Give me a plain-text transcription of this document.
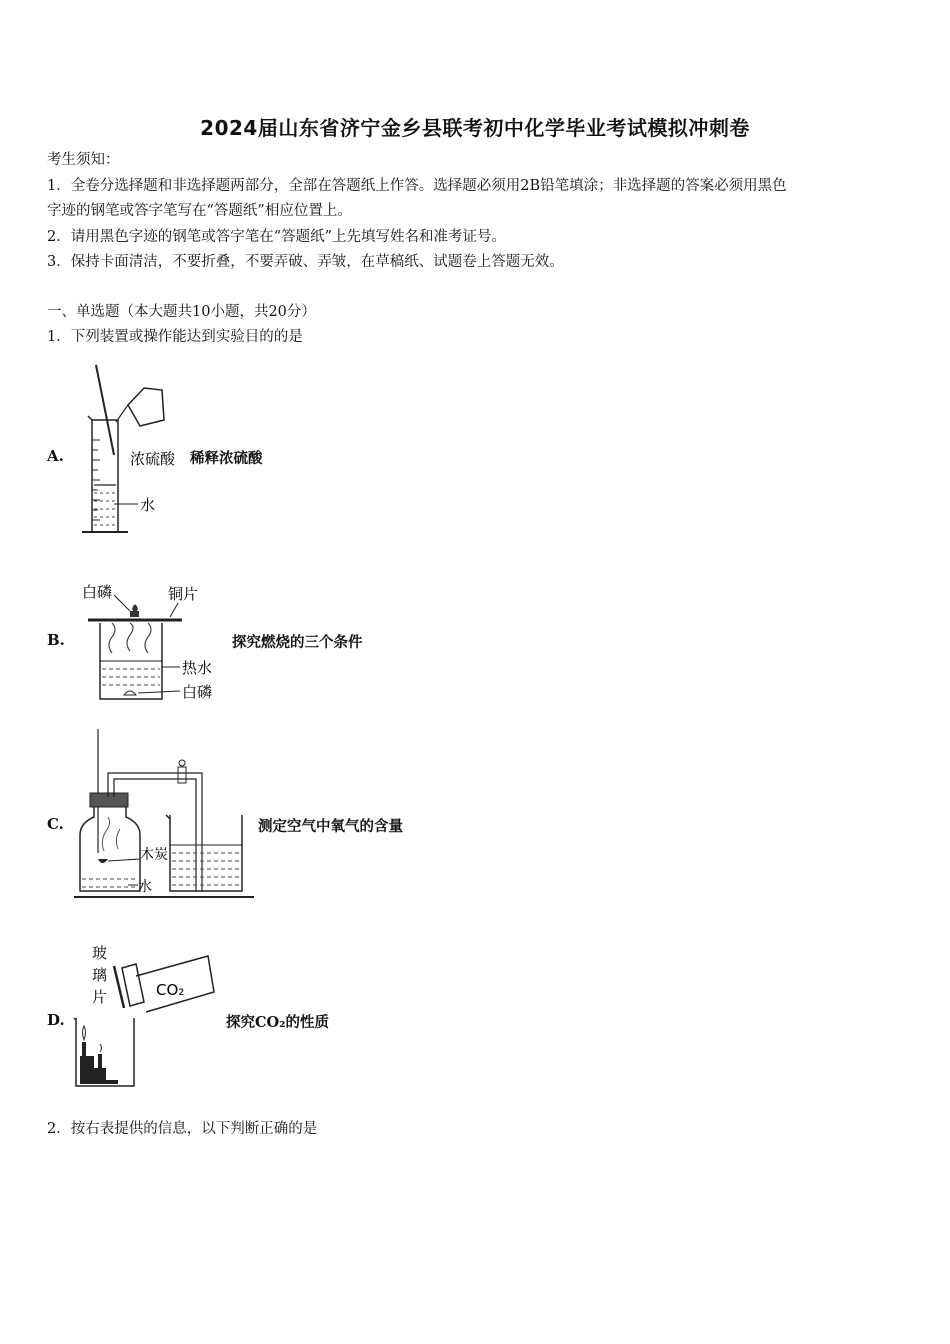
2024届山东省济宁金乡县联考初中化学毕业考试模拟冲刺卷
考生须知：
1．全卷分选择题和非选择题两部分，全部在答题纸上作答。选择题必须用2B铅笔填涂；非选择题的答案必须用黑色
字迹的钢笔或答字笔写在“答题纸”相应位置上。
2．请用黑色字迹的钢笔或答字笔在“答题纸”上先填写姓名和准考证号。
3．保持卡面清洁，不要折叠，不要弄破、弄皱，在草稿纸、试题卷上答题无效。
一、单选题（本大题共10小题，共20分）
1．下列装置或操作能达到实验目的的是
A.	浓硫酸
水
稀释浓硫酸
B.
白磷	铜片
热水
白磷
探究燃烧的三个条件
C.
木炭
水
测定空气中氧气的含量
D.
玻
璃
片	CO₂
探究CO₂的性质
2．按右表提供的信息，以下判断正确的是
